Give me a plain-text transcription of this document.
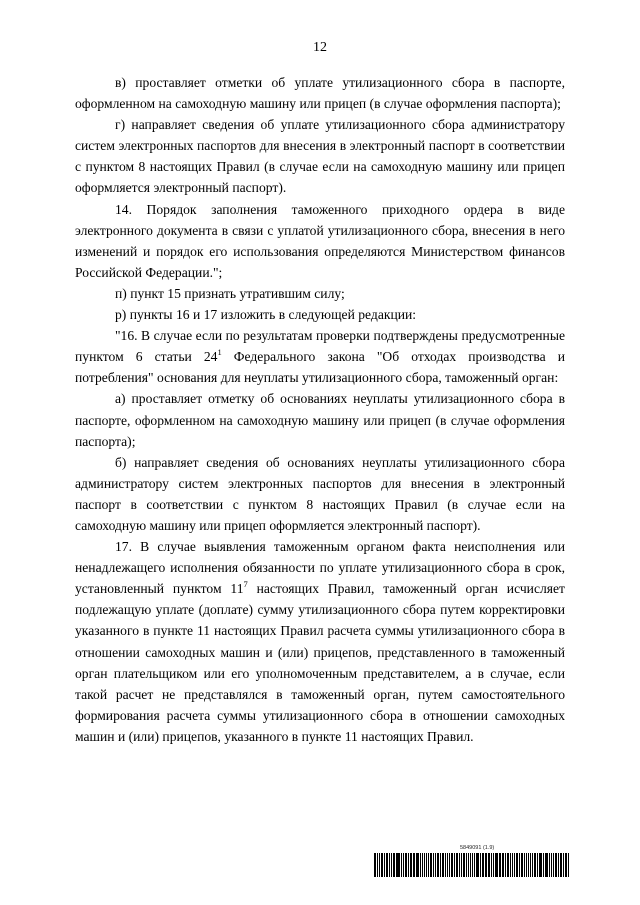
12

в) проставляет отметки об уплате утилизационного сбора в паспорте, оформленном на самоходную машину или прицеп (в случае оформления паспорта);

г) направляет сведения об уплате утилизационного сбора администратору систем электронных паспортов для внесения в электронный паспорт в соответствии с пунктом 8 настоящих Правил (в случае если на самоходную машину или прицеп оформляется электронный паспорт).

14. Порядок заполнения таможенного приходного ордера в виде электронного документа в связи с уплатой утилизационного сбора, внесения в него изменений и порядок его использования определяются Министерством финансов Российской Федерации.";

п) пункт 15 признать утратившим силу;

р) пункты 16 и 17 изложить в следующей редакции:

"16. В случае если по результатам проверки подтверждены предусмотренные пунктом 6 статьи $24^1$ Федерального закона "Об отходах производства и потребления" основания для неуплаты утилизационного сбора, таможенный орган:

а) проставляет отметку об основаниях неуплаты утилизационного сбора в паспорте, оформленном на самоходную машину или прицеп (в случае оформления паспорта);

б) направляет сведения об основаниях неуплаты утилизационного сбора администратору систем электронных паспортов для внесения в электронный паспорт в соответствии с пунктом 8 настоящих Правил (в случае если на самоходную машину или прицеп оформляется электронный паспорт).

17. В случае выявления таможенным органом факта неисполнения или ненадлежащего исполнения обязанности по уплате утилизационного сбора в срок, установленный пунктом $11^7$ настоящих Правил, таможенный орган исчисляет подлежащую уплате (доплате) сумму утилизационного сбора путем корректировки указанного в пункте 11 настоящих Правил расчета суммы утилизационного сбора в отношении самоходных машин и (или) прицепов, представленного в таможенный орган плательщиком или его уполномоченным представителем, а в случае, если такой расчет не представлялся в таможенный орган, путем самостоятельного формирования расчета суммы утилизационного сбора в отношении самоходных машин и (или) прицепов, указанного в пункте 11 настоящих Правил.

5849091 (1.9)
